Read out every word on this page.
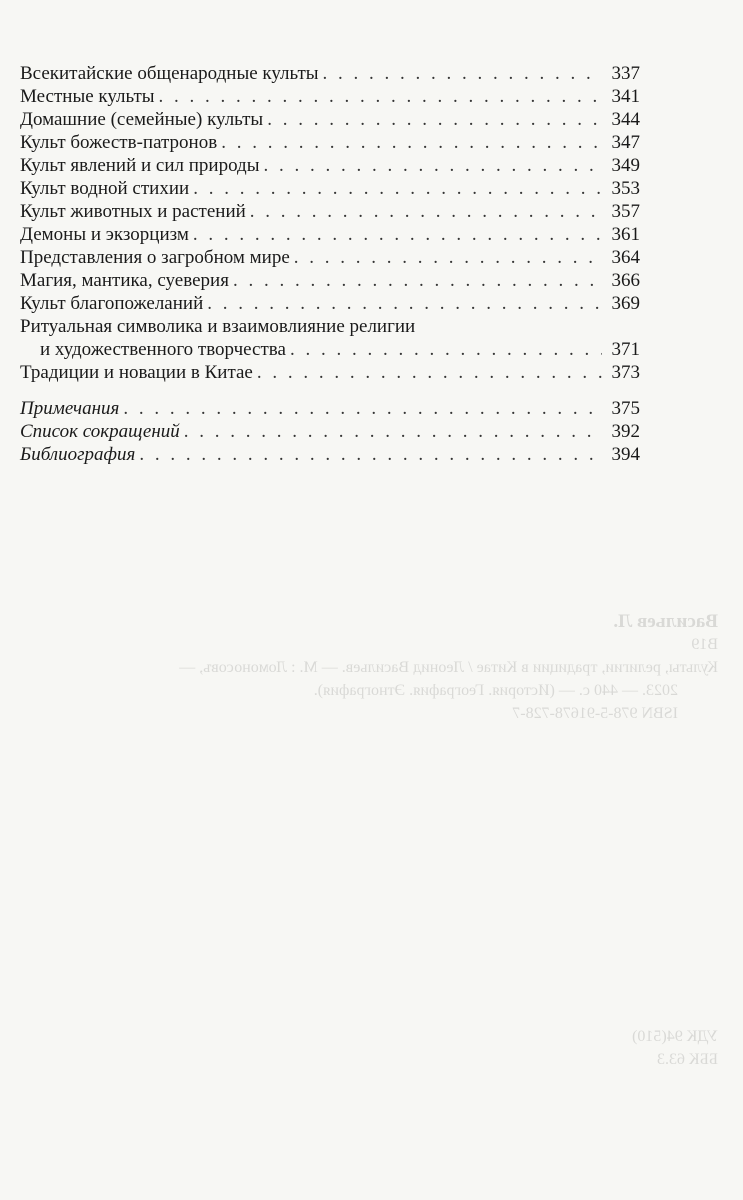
Васильев Л.

В19

Культы, религии, традиции в Китае / Леонид Васильев. — М. : Ломоносовъ, —

2023. — 440 с. — (История. География. Этнография).

ISBN 978-5-91678-728-7

УДК 94(510)

ББК 63.3

Всекитайские общенародные культы . . .	337
Местные культы . . .	341
Домашние (семейные) культы . . .	344
Культ божеств-патронов . . .	347
Культ явлений и сил природы . . .	349
Культ водной стихии . . .	353
Культ животных и растений . . .	357
Демоны и экзорцизм . . .	361
Представления о загробном мире . . .	364
Магия, мантика, суеверия . . .	366
Культ благопожеланий . . .	369
Ритуальная символика и взаимовлияние религии
и художественного творчества . . .	371
Традиции и новации в Китае . . .	373
Примечания . . .	375
Список сокращений . . .	392
Библиография . . .	394
